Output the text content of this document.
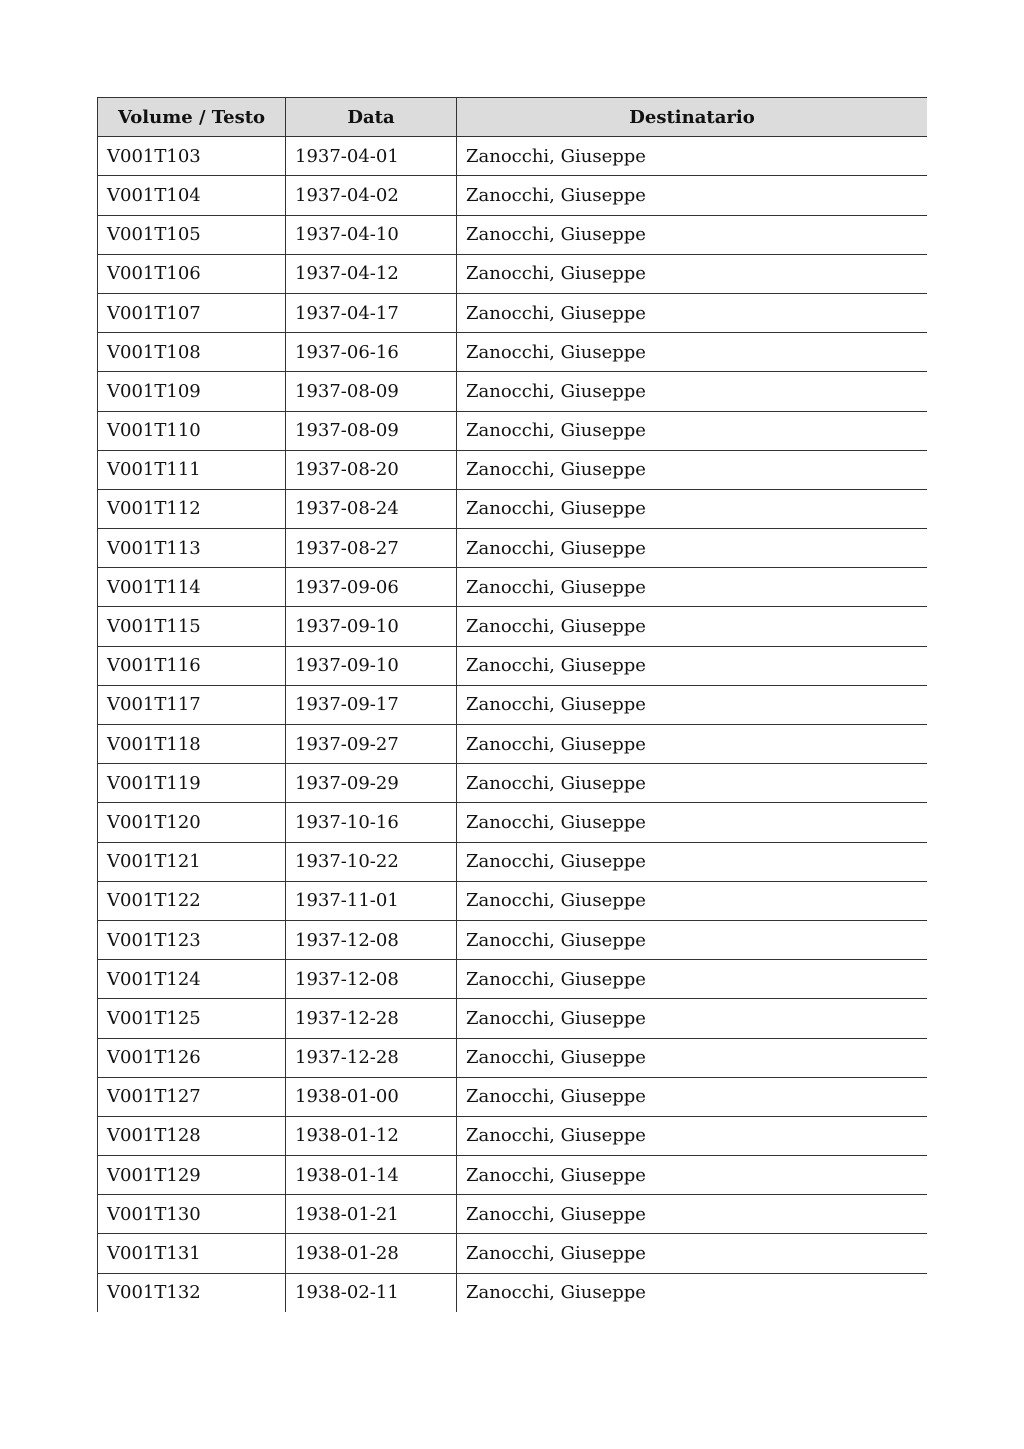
Volume / Testo	Data	Destinatario
V001T103	1937-04-01	Zanocchi, Giuseppe
V001T104	1937-04-02	Zanocchi, Giuseppe
V001T105	1937-04-10	Zanocchi, Giuseppe
V001T106	1937-04-12	Zanocchi, Giuseppe
V001T107	1937-04-17	Zanocchi, Giuseppe
V001T108	1937-06-16	Zanocchi, Giuseppe
V001T109	1937-08-09	Zanocchi, Giuseppe
V001T110	1937-08-09	Zanocchi, Giuseppe
V001T111	1937-08-20	Zanocchi, Giuseppe
V001T112	1937-08-24	Zanocchi, Giuseppe
V001T113	1937-08-27	Zanocchi, Giuseppe
V001T114	1937-09-06	Zanocchi, Giuseppe
V001T115	1937-09-10	Zanocchi, Giuseppe
V001T116	1937-09-10	Zanocchi, Giuseppe
V001T117	1937-09-17	Zanocchi, Giuseppe
V001T118	1937-09-27	Zanocchi, Giuseppe
V001T119	1937-09-29	Zanocchi, Giuseppe
V001T120	1937-10-16	Zanocchi, Giuseppe
V001T121	1937-10-22	Zanocchi, Giuseppe
V001T122	1937-11-01	Zanocchi, Giuseppe
V001T123	1937-12-08	Zanocchi, Giuseppe
V001T124	1937-12-08	Zanocchi, Giuseppe
V001T125	1937-12-28	Zanocchi, Giuseppe
V001T126	1937-12-28	Zanocchi, Giuseppe
V001T127	1938-01-00	Zanocchi, Giuseppe
V001T128	1938-01-12	Zanocchi, Giuseppe
V001T129	1938-01-14	Zanocchi, Giuseppe
V001T130	1938-01-21	Zanocchi, Giuseppe
V001T131	1938-01-28	Zanocchi, Giuseppe
V001T132	1938-02-11	Zanocchi, Giuseppe
